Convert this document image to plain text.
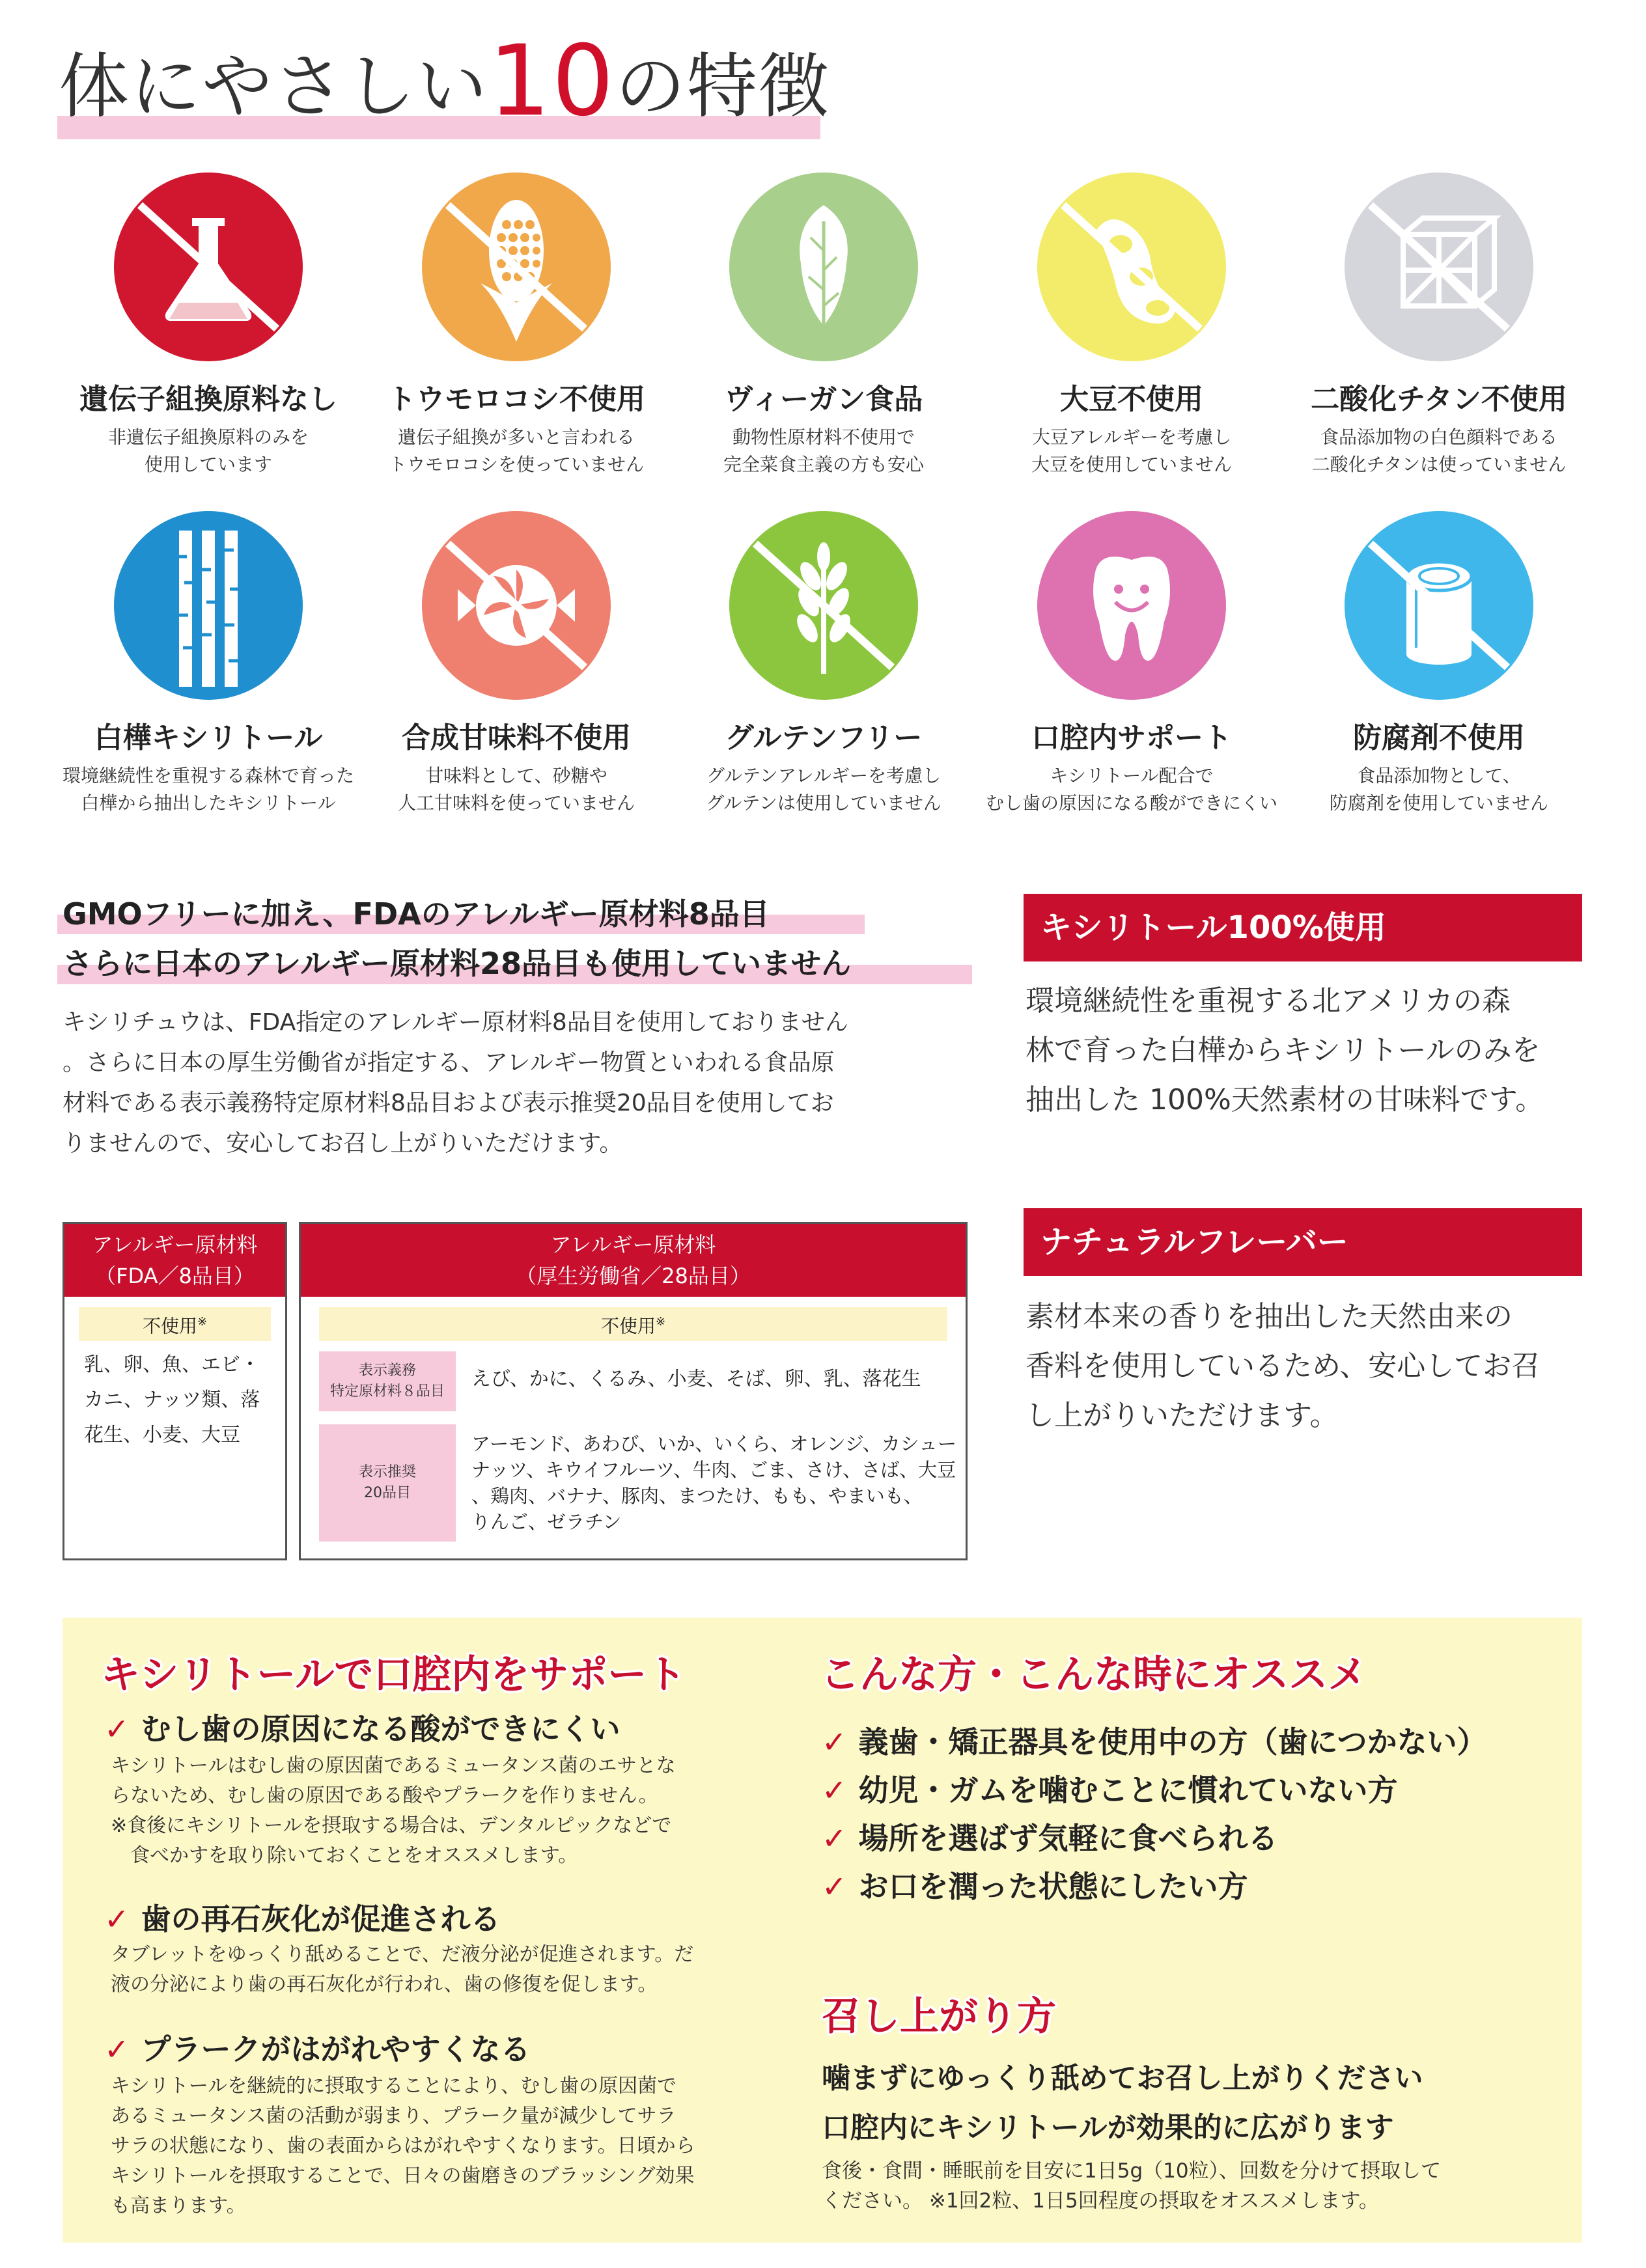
体にやさしい10の特徴
遺伝子組換原料なし
非遺伝子組換原料のみを
使用しています
トウモロコシ不使用
遺伝子組換が多いと言われる
トウモロコシを使っていません
ヴィーガン食品
動物性原材料不使用で
完全菜食主義の方も安心
大豆不使用
大豆アレルギーを考慮し
大豆を使用していません
二酸化チタン不使用
食品添加物の白色顔料である
二酸化チタンは使っていません
白樺キシリトール
環境継続性を重視する森林で育った
白樺から抽出したキシリトール
合成甘味料不使用
甘味料として、砂糖や
人工甘味料を使っていません
グルテンフリー
グルテンアレルギーを考慮し
グルテンは使用していません
口腔内サポート
キシリトール配合で
むし歯の原因になる酸ができにくい
防腐剤不使用
食品添加物として、
防腐剤を使用していません
GMOフリーに加え、FDAのアレルギー原材料8品目
さらに日本のアレルギー原材料28品目も使用していません
キシリチュウは、FDA指定のアレルギー原材料8品目を使用しておりません
。さらに日本の厚生労働省が指定する、アレルギー物質といわれる食品原
材料である表示義務特定原材料8品目および表示推奨20品目を使用してお
りませんので、安心してお召し上がりいただけます。
アレルギー原材料
（FDA／8品目）
不使用※
乳、卵、魚、エビ・
カニ、ナッツ類、落
花生、小麦、大豆
アレルギー原材料
（厚生労働省／28品目）
不使用※
表示義務
特定原材料８品目
えび、かに、くるみ、小麦、そば、卵、乳、落花生
表示推奨
20品目
アーモンド、あわび、いか、いくら、オレンジ、カシュー
ナッツ、キウイフルーツ、牛肉、ごま、さけ、さば、大豆
、鶏肉、バナナ、豚肉、まつたけ、もも、やまいも、
りんご、ゼラチン
キシリトール100%使用
環境継続性を重視する北アメリカの森
林で育った白樺からキシリトールのみを
抽出した 100%天然素材の甘味料です。
ナチュラルフレーバー
素材本来の香りを抽出した天然由来の
香料を使用しているため、安心してお召
し上がりいただけます。
キシリトールで口腔内をサポート
✓ むし歯の原因になる酸ができにくい
キシリトールはむし歯の原因菌であるミュータンス菌のエサとな
らないため、むし歯の原因である酸やプラークを作りません。
※食後にキシリトールを摂取する場合は、デンタルピックなどで
　食べかすを取り除いておくことをオススメします。
✓ 歯の再石灰化が促進される
タブレットをゆっくり舐めることで、だ液分泌が促進されます。だ
液の分泌により歯の再石灰化が行われ、歯の修復を促します。
✓ プラークがはがれやすくなる
キシリトールを継続的に摂取することにより、むし歯の原因菌で
あるミュータンス菌の活動が弱まり、プラーク量が減少してサラ
サラの状態になり、歯の表面からはがれやすくなります。日頃から
キシリトールを摂取することで、日々の歯磨きのブラッシング効果
も高まります。
こんな方・こんな時にオススメ
✓ 義歯・矯正器具を使用中の方（歯につかない）
✓ 幼児・ガムを噛むことに慣れていない方
✓ 場所を選ばず気軽に食べられる
✓ お口を潤った状態にしたい方
召し上がり方
噛まずにゆっくり舐めてお召し上がりください
口腔内にキシリトールが効果的に広がります
食後・食間・睡眠前を目安に1日5g（10粒）、回数を分けて摂取して
ください。 ※1回2粒、1日5回程度の摂取をオススメします。
